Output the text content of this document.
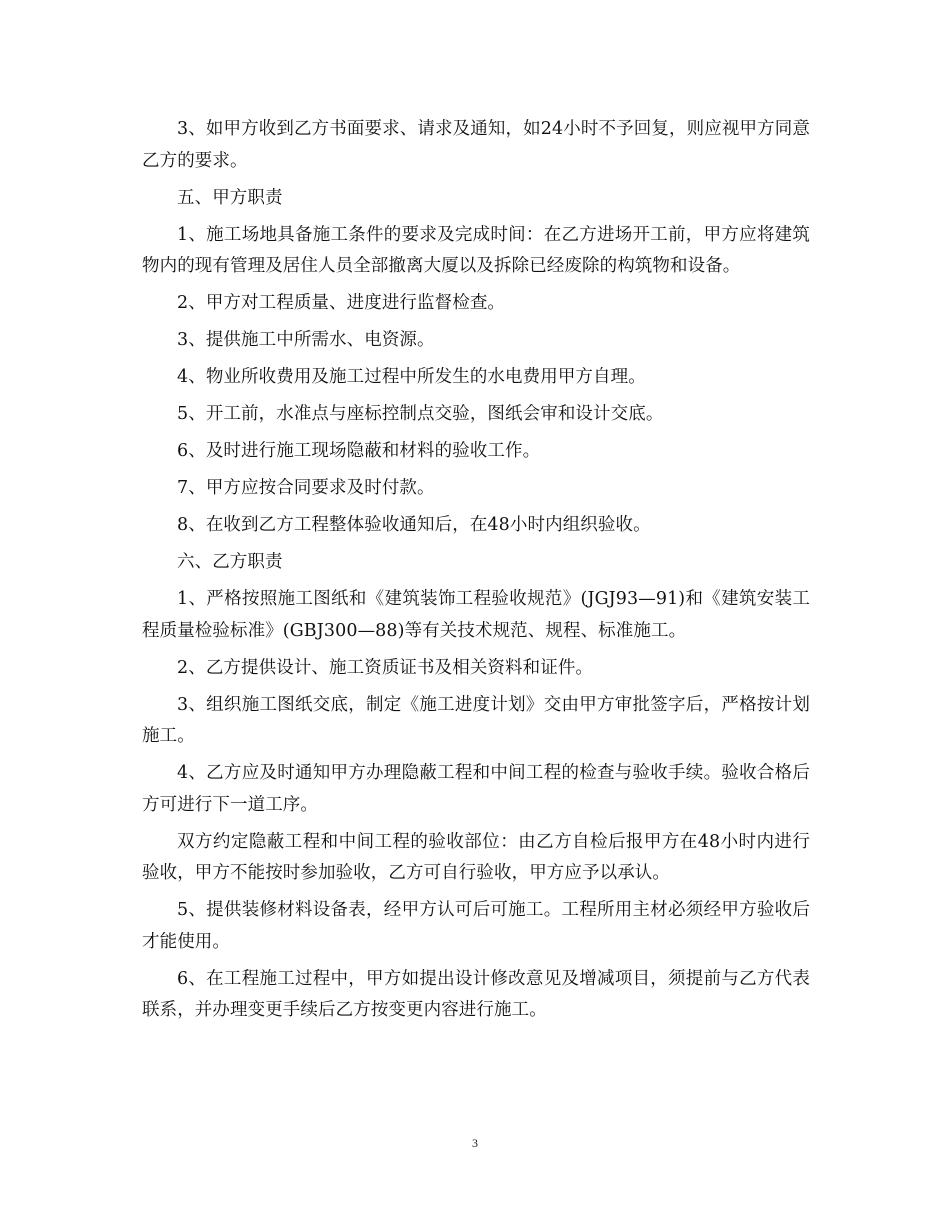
3、如甲方收到乙方书面要求、请求及通知，如24小时不予回复，则应视甲方同意乙方的要求。

五、甲方职责

1、施工场地具备施工条件的要求及完成时间：在乙方进场开工前，甲方应将建筑物内的现有管理及居住人员全部撤离大厦以及拆除已经废除的构筑物和设备。

2、甲方对工程质量、进度进行监督检查。

3、提供施工中所需水、电资源。

4、物业所收费用及施工过程中所发生的水电费用甲方自理。

5、开工前，水准点与座标控制点交验，图纸会审和设计交底。

6、及时进行施工现场隐蔽和材料的验收工作。

7、甲方应按合同要求及时付款。

8、在收到乙方工程整体验收通知后，在48小时内组织验收。

六、乙方职责

1、严格按照施工图纸和《建筑装饰工程验收规范》(JGJ93—91)和《建筑安装工程质量检验标准》(GBJ300—88)等有关技术规范、规程、标准施工。

2、乙方提供设计、施工资质证书及相关资料和证件。

3、组织施工图纸交底，制定《施工进度计划》交由甲方审批签字后，严格按计划施工。

4、乙方应及时通知甲方办理隐蔽工程和中间工程的检查与验收手续。验收合格后方可进行下一道工序。

双方约定隐蔽工程和中间工程的验收部位：由乙方自检后报甲方在48小时内进行验收，甲方不能按时参加验收，乙方可自行验收，甲方应予以承认。

5、提供装修材料设备表，经甲方认可后可施工。工程所用主材必须经甲方验收后才能使用。

6、在工程施工过程中，甲方如提出设计修改意见及增减项目，须提前与乙方代表联系，并办理变更手续后乙方按变更内容进行施工。

3
